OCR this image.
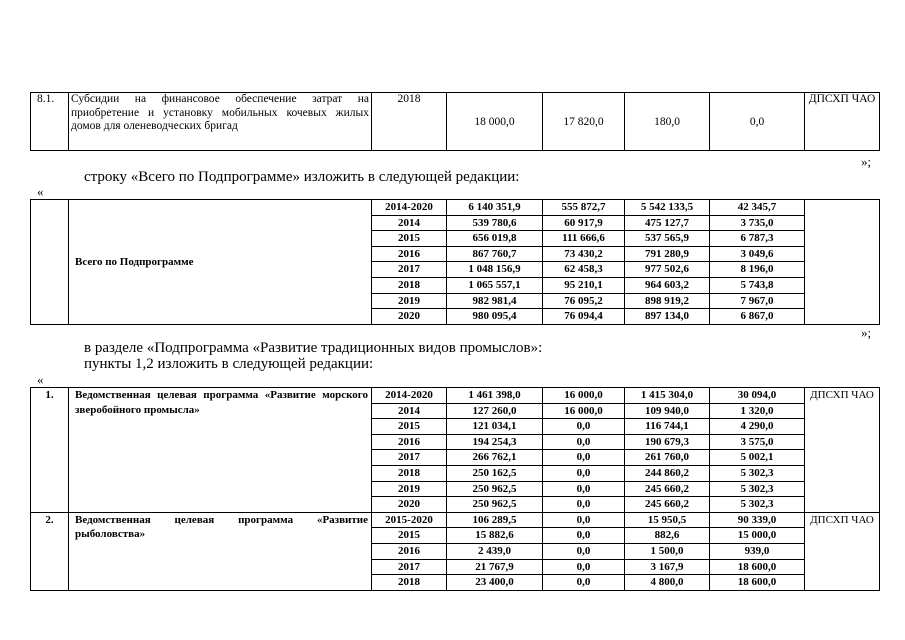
8.1.	Субсидии на финансовое обеспечение затрат на приобретение и установку мобильных кочевых жилых домов для оленеводческих бригад	2018	18 000,0	17 820,0	180,0	0,0	ДПСХП ЧАО
»;
строку «Всего по Подпрограмме» изложить в следующей редакции:
«
	Всего по Подпрограмме	2014-2020	6 140 351,9	555 872,7	5 542 133,5	42 345,7	
		2014	539 780,6	60 917,9	475 127,7	3 735,0	
		2015	656 019,8	111 666,6	537 565,9	6 787,3	
		2016	867 760,7	73 430,2	791 280,9	3 049,6	
		2017	1 048 156,9	62 458,3	977 502,6	8 196,0	
		2018	1 065 557,1	95 210,1	964 603,2	5 743,8	
		2019	982 981,4	76 095,2	898 919,2	7 967,0	
		2020	980 095,4	76 094,4	897 134,0	6 867,0	
»;
в разделе «Подпрограмма «Развитие традиционных видов промыслов»:
пункты 1,2 изложить в следующей редакции:
«
1.	Ведомственная целевая программа «Развитие морского зверобойного промысла»	2014-2020	1 461 398,0	16 000,0	1 415 304,0	30 094,0	ДПСХП ЧАО
		2014	127 260,0	16 000,0	109 940,0	1 320,0	
		2015	121 034,1	0,0	116 744,1	4 290,0	
		2016	194 254,3	0,0	190 679,3	3 575,0	
		2017	266 762,1	0,0	261 760,0	5 002,1	
		2018	250 162,5	0,0	244 860,2	5 302,3	
		2019	250 962,5	0,0	245 660,2	5 302,3	
		2020	250 962,5	0,0	245 660,2	5 302,3	
2.	Ведомственная целевая программа «Развитие рыболовства»	2015-2020	106 289,5	0,0	15 950,5	90 339,0	ДПСХП ЧАО
		2015	15 882,6	0,0	882,6	15 000,0	
		2016	2 439,0	0,0	1 500,0	939,0	
		2017	21 767,9	0,0	3 167,9	18 600,0	
		2018	23 400,0	0,0	4 800,0	18 600,0	
